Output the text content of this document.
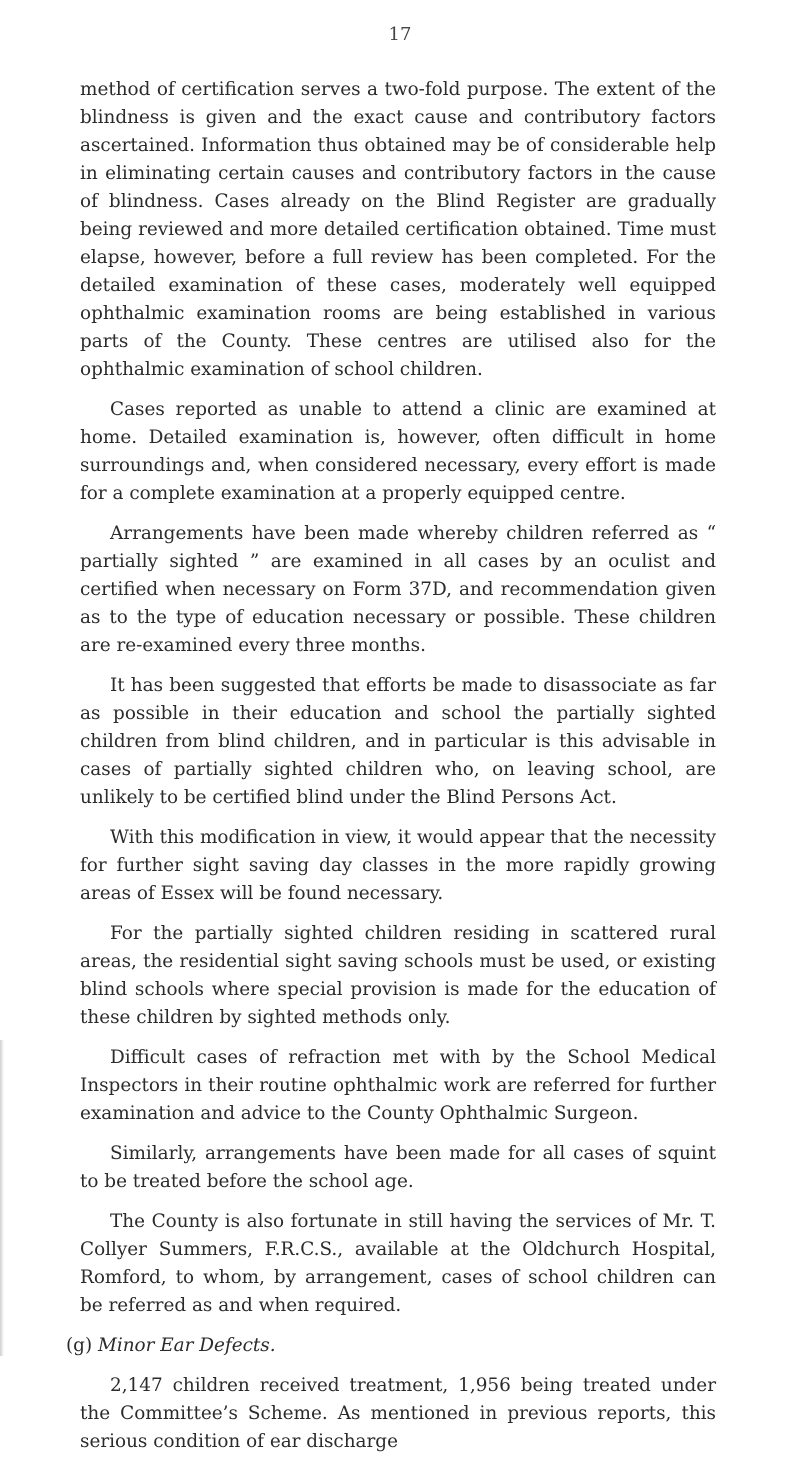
17

method of certification serves a two-fold purpose. The extent of the blindness is given and the exact cause and contributory factors ascertained. Information thus obtained may be of considerable help in eliminating certain causes and contributory factors in the cause of blindness. Cases already on the Blind Register are gradually being reviewed and more detailed certification obtained. Time must elapse, however, before a full review has been completed. For the detailed examination of these cases, moderately well equipped ophthalmic examination rooms are being established in various parts of the County. These centres are utilised also for the ophthalmic examination of school children.

Cases reported as unable to attend a clinic are examined at home. Detailed examination is, however, often difficult in home surroundings and, when considered necessary, every effort is made for a complete examination at a properly equipped centre.

Arrangements have been made whereby children referred as “ partially sighted ” are examined in all cases by an oculist and certified when necessary on Form 37D, and recommendation given as to the type of education necessary or possible. These children are re-examined every three months.

It has been suggested that efforts be made to disassociate as far as possible in their education and school the partially sighted children from blind children, and in particular is this advisable in cases of partially sighted children who, on leaving school, are unlikely to be certified blind under the Blind Persons Act.

With this modification in view, it would appear that the necessity for further sight saving day classes in the more rapidly growing areas of Essex will be found necessary.

For the partially sighted children residing in scattered rural areas, the residential sight saving schools must be used, or existing blind schools where special provision is made for the education of these children by sighted methods only.

Difficult cases of refraction met with by the School Medical Inspectors in their routine ophthalmic work are referred for further examination and advice to the County Ophthalmic Surgeon.

Similarly, arrangements have been made for all cases of squint to be treated before the school age.

The County is also fortunate in still having the services of Mr. T. Collyer Summers, F.R.C.S., available at the Oldchurch Hospital, Romford, to whom, by arrangement, cases of school children can be referred as and when required.

(g) Minor Ear Defects.

2,147 children received treatment, 1,956 being treated under the Committee’s Scheme. As mentioned in previous reports, this serious condition of ear discharge
